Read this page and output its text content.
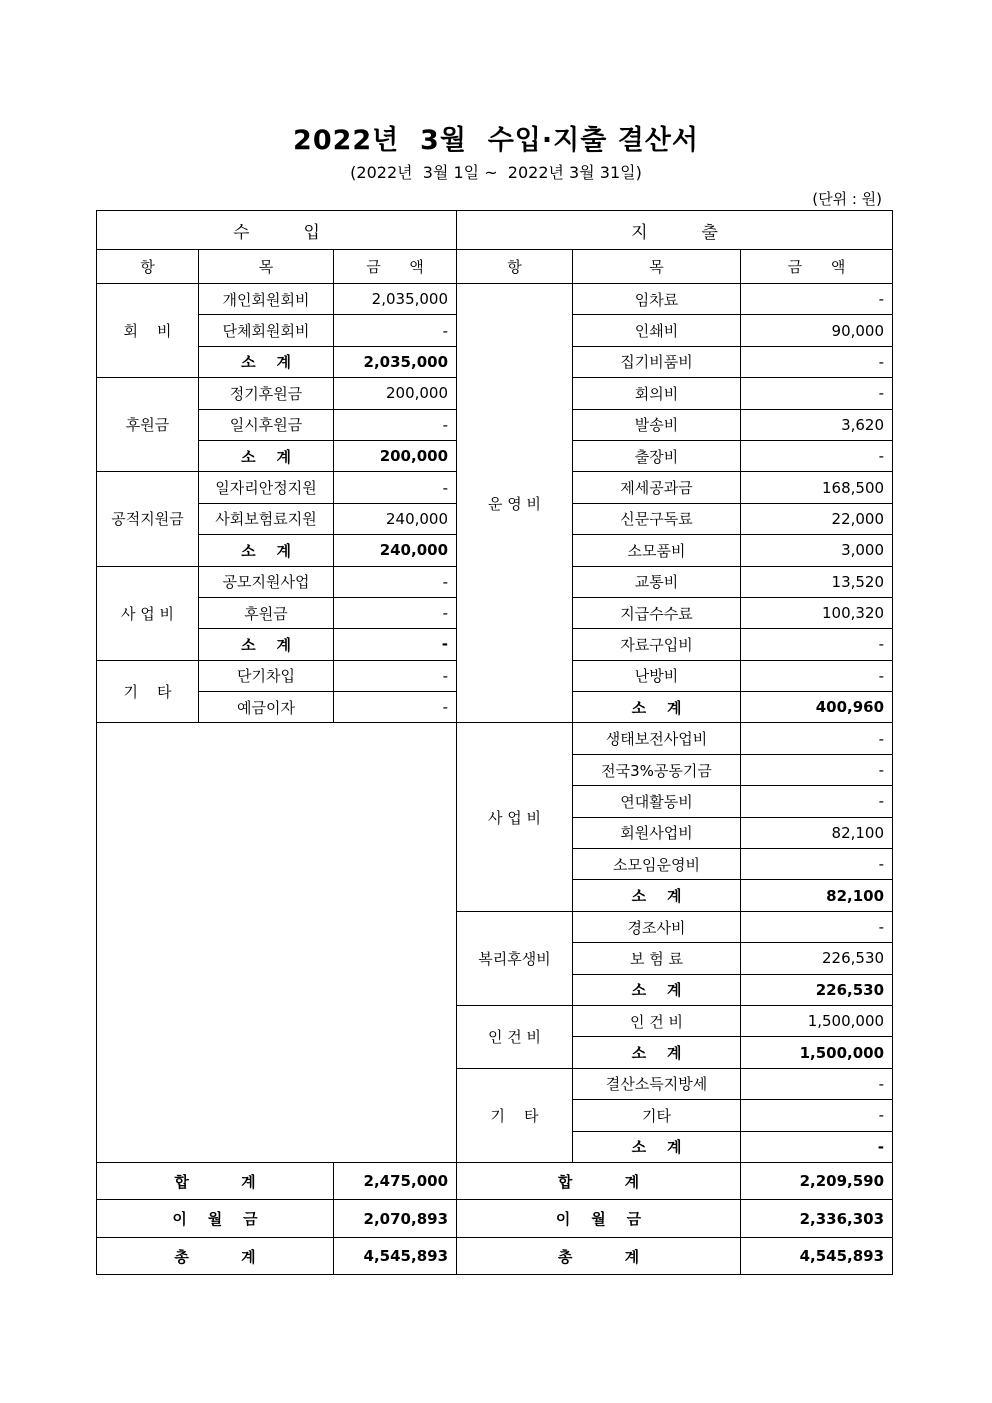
2022년  3월  수입·지출 결산서
(2022년  3월 1일 ~  2022년 3월 31일)
(단위 : 원)
수          입			지          출		
항	목	금      액	항	목	금      액
회    비	개인회원회비	2,035,000	운 영 비	임차료	-
	단체회원회비	-		인쇄비	90,000
	소    계	2,035,000		집기비품비	-
후원금	정기후원금	200,000		회의비	-
	일시후원금	-		발송비	3,620
	소    계	200,000		출장비	-
공적지원금	일자리안정지원	-		제세공과금	168,500
	사회보험료지원	240,000		신문구독료	22,000
	소    계	240,000		소모품비	3,000
사 업 비	공모지원사업	-		교통비	13,520
	후원금	-		지급수수료	100,320
	소    계	-		자료구입비	-
기    타	단기차입	-		난방비	-
	예금이자	-		소    계	400,960
			사 업 비	생태보전사업비	-
				전국3%공동기금	-
				연대활동비	-
				회원사업비	82,100
				소모임운영비	-
				소    계	82,100
			복리후생비	경조사비	-
				보 험 료	226,530
				소    계	226,530
			인 건 비	인 건 비	1,500,000
				소    계	1,500,000
			기    타	결산소득지방세	-
				기타	-
				소    계	-
합          계		2,475,000	합          계		2,209,590
이    월    금		2,070,893	이    월    금		2,336,303
총          계		4,545,893	총          계		4,545,893
